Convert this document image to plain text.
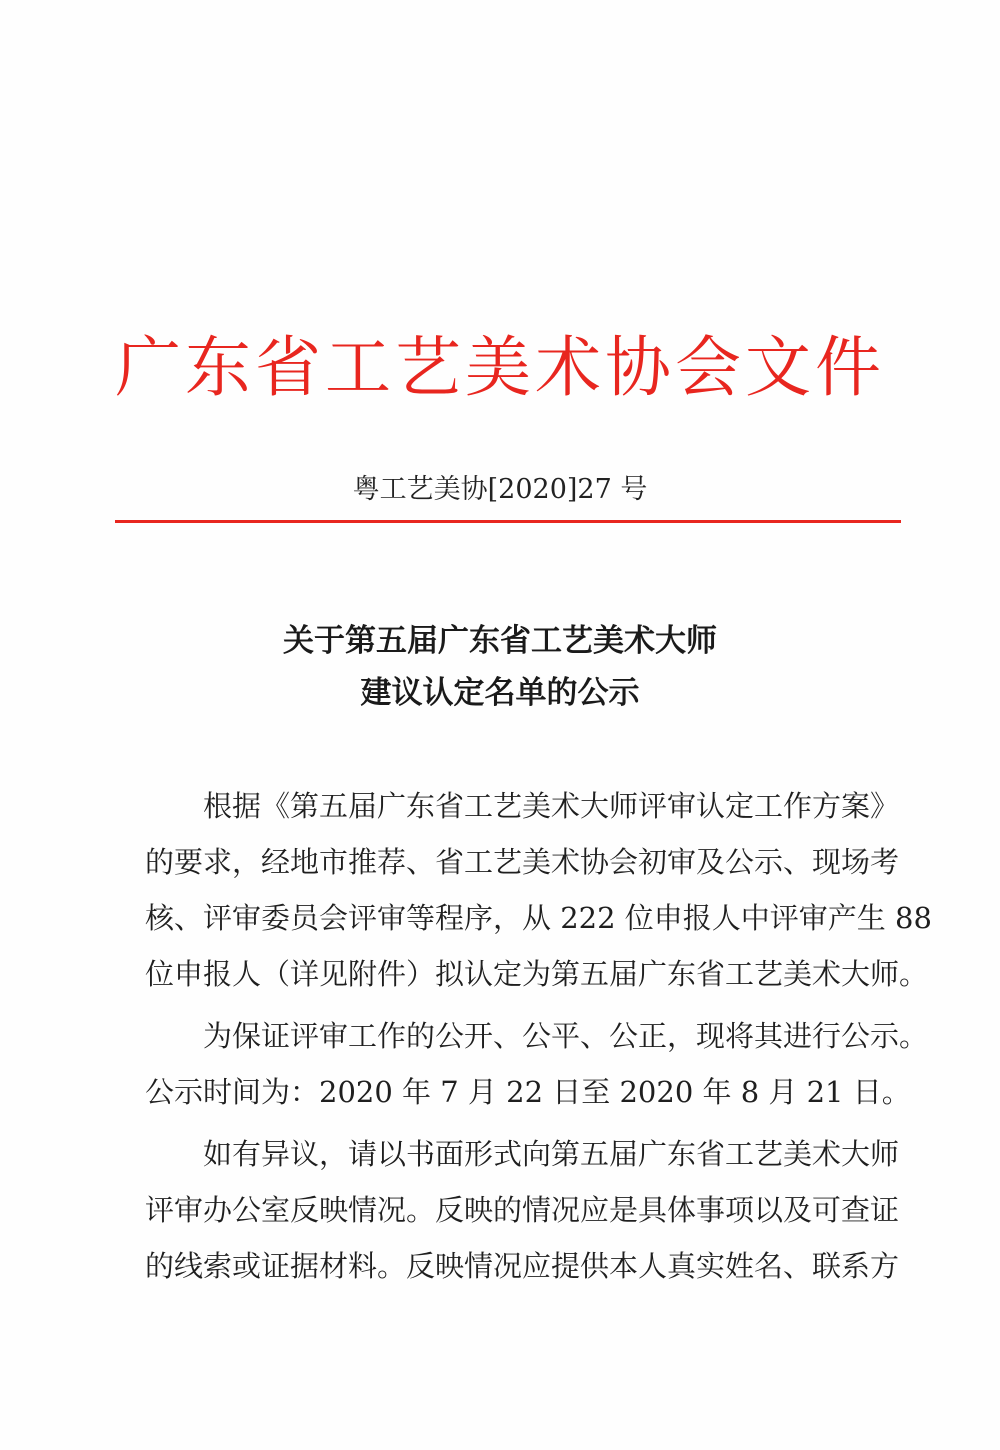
广东省工艺美术协会文件
粤工艺美协[2020]27 号
关于第五届广东省工艺美术大师
建议认定名单的公示
根据《第五届广东省工艺美术大师评审认定工作方案》
的要求，经地市推荐、省工艺美术协会初审及公示、现场考
核、评审委员会评审等程序，从 222 位申报人中评审产生 88
位申报人（详见附件）拟认定为第五届广东省工艺美术大师。
为保证评审工作的公开、公平、公正，现将其进行公示。
公示时间为：2020 年 7 月 22 日至 2020 年 8 月 21 日。
如有异议，请以书面形式向第五届广东省工艺美术大师
评审办公室反映情况。反映的情况应是具体事项以及可查证
的线索或证据材料。反映情况应提供本人真实姓名、联系方
